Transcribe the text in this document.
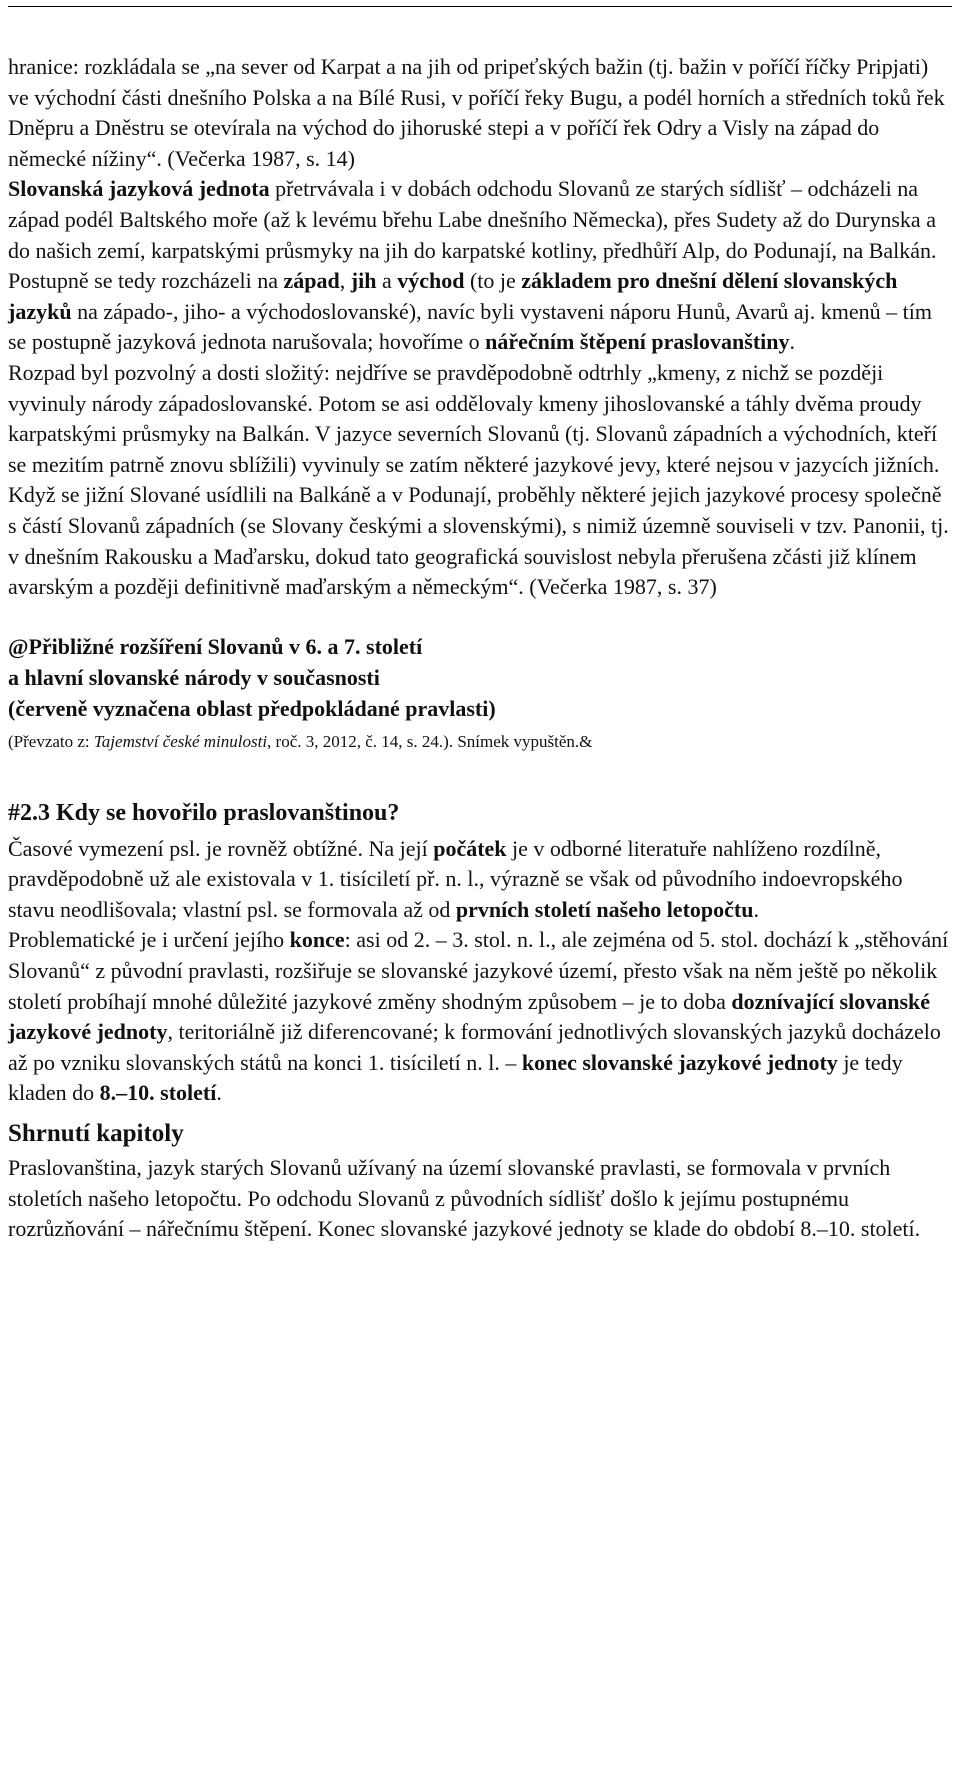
hranice: rozkládala se „na sever od Karpat a na jih od pripeťských bažin (tj. bažin v poříčí říčky Pripjati) ve východní části dnešního Polska a na Bílé Rusi, v poříčí řeky Bugu, a podél horních a středních toků řek Dněpru a Dněstru se otevírala na východ do jihoruské stepi a v poříčí řek Odry a Visly na západ do německé nížiny“. (Večerka 1987, s. 14)
Slovanská jazyková jednota přetrvávala i v dobách odchodu Slovanů ze starých sídlišť – odcházeli na západ podél Baltského moře (až k levému břehu Labe dnešního Německa), přes Sudety až do Durynska a do našich zemí, karpatskými průsmyky na jih do karpatské kotliny, předhůří Alp, do Podunají, na Balkán. Postupně se tedy rozcházeli na západ, jih a východ (to je základem pro dnešní dělení slovanských jazyků na západo-, jiho- a východoslovanské), navíc byli vystaveni náporu Hunů, Avarů aj. kmenů – tím se postupně jazyková jednota narušovala; hovoříme o nářečním štěpení praslovanštiny.
Rozpad byl pozvolný a dosti složitý: nejdříve se pravděpodobně odtrhly „kmeny, z nichž se později vyvinuly národy západoslovanské. Potom se asi oddělovaly kmeny jihoslovanské a táhly dvěma proudy karpatskými průsmyky na Balkán. V jazyce severních Slovanů (tj. Slovanů západních a východních, kteří se mezitím patrně znovu sblížili) vyvinuly se zatím některé jazykové jevy, které nejsou v jazycích jižních. Když se jižní Slované usídlili na Balkáně a v Podunají, proběhly některé jejich jazykové procesy společně s částí Slovanů západních (se Slovany českými a slovenskými), s nimiž územně souviseli v tzv. Panonii, tj. v dnešním Rakousku a Maďarsku, dokud tato geografická souvislost nebyla přerušena zčásti již klínem avarským a později definitivně maďarským a německým“. (Večerka 1987, s. 37)

@Přibližné rozšíření Slovanů v 6. a 7. století

a hlavní slovanské národy v současnosti

(červeně vyznačena oblast předpokládané pravlasti)

(Převzato z: Tajemství české minulosti, roč. 3, 2012, č. 14, s. 24.). Snímek vypuštěn.&

#2.3 Kdy se hovořilo praslovanštinou?
Časové vymezení psl. je rovněž obtížné. Na její počátek je v odborné literatuře nahlíženo rozdílně, pravděpodobně už ale existovala v 1. tisíciletí př. n. l., výrazně se však od původního indoevropského stavu neodlišovala; vlastní psl. se formovala až od prvních století našeho letopočtu.
Problematické je i určení jejího konce: asi od 2. – 3. stol. n. l., ale zejména od 5. stol. dochází k „stěhování Slovanů“ z původní pravlasti, rozšiřuje se slovanské jazykové území, přesto však na něm ještě po několik století probíhají mnohé důležité jazykové změny shodným způsobem – je to doba doznívající slovanské jazykové jednoty, teritoriálně již diferencované; k formování jednotlivých slovanských jazyků docházelo až po vzniku slovanských států na konci 1. tisíciletí n. l. – konec slovanské jazykové jednoty je tedy kladen do 8.–10. století.
Shrnutí kapitoly
Praslovanština, jazyk starých Slovanů užívaný na území slovanské pravlasti, se formovala v prvních stoletích našeho letopočtu. Po odchodu Slovanů z původních sídlišť došlo k jejímu postupnému rozrůzňování – nářečnímu štěpení. Konec slovanské jazykové jednoty se klade do období 8.–10. století.
